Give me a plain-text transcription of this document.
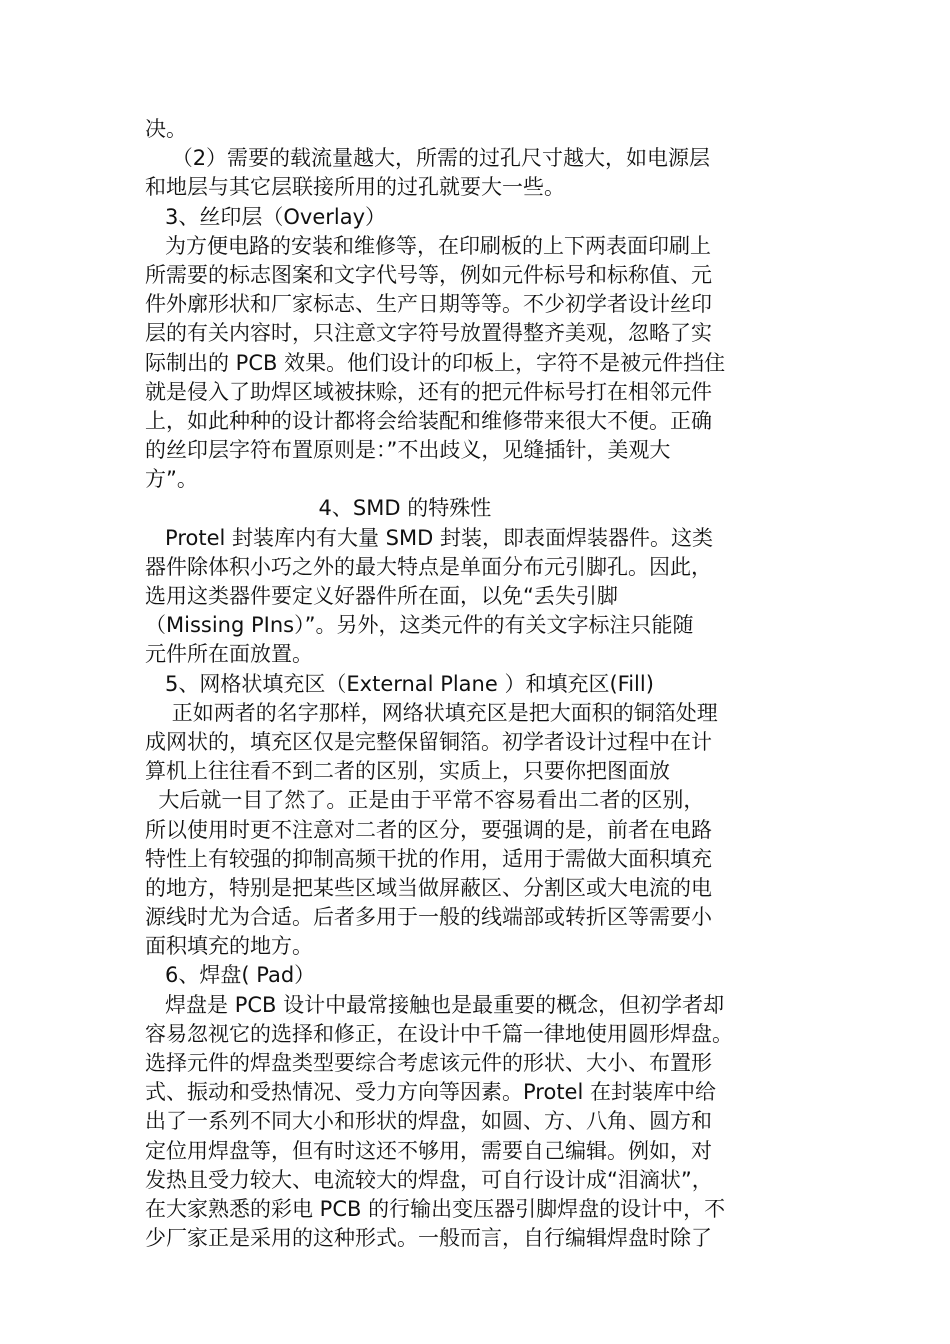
决。
（2）需要的载流量越大，所需的过孔尺寸越大，如电源层
和地层与其它层联接所用的过孔就要大一些。
3、丝印层（Overlay）
为方便电路的安装和维修等，在印刷板的上下两表面印刷上
所需要的标志图案和文字代号等，例如元件标号和标称值、元
件外廓形状和厂家标志、生产日期等等。不少初学者设计丝印
层的有关内容时，只注意文字符号放置得整齐美观，忽略了实
际制出的 PCB 效果。他们设计的印板上，字符不是被元件挡住
就是侵入了助焊区域被抹赊，还有的把元件标号打在相邻元件
上，如此种种的设计都将会给装配和维修带来很大不便。正确
的丝印层字符布置原则是：”不出歧义，见缝插针，美观大
方”。
4、SMD 的特殊性
Protel 封装库内有大量 SMD 封装，即表面焊装器件。这类
器件除体积小巧之外的最大特点是单面分布元引脚孔。因此，
选用这类器件要定义好器件所在面，以免“丢失引脚
（Missing PIns）”。另外，这类元件的有关文字标注只能随
元件所在面放置。
5、网格状填充区（External Plane ）和填充区(Fill)
正如两者的名字那样，网络状填充区是把大面积的铜箔处理
成网状的，填充区仅是完整保留铜箔。初学者设计过程中在计
算机上往往看不到二者的区别，实质上，只要你把图面放
大后就一目了然了。正是由于平常不容易看出二者的区别，
所以使用时更不注意对二者的区分，要强调的是，前者在电路
特性上有较强的抑制高频干扰的作用，适用于需做大面积填充
的地方，特别是把某些区域当做屏蔽区、分割区或大电流的电
源线时尤为合适。后者多用于一般的线端部或转折区等需要小
面积填充的地方。
6、焊盘( Pad）
焊盘是 PCB 设计中最常接触也是最重要的概念，但初学者却
容易忽视它的选择和修正，在设计中千篇一律地使用圆形焊盘。
选择元件的焊盘类型要综合考虑该元件的形状、大小、布置形
式、振动和受热情况、受力方向等因素。Protel 在封装库中给
出了一系列不同大小和形状的焊盘，如圆、方、八角、圆方和
定位用焊盘等，但有时这还不够用，需要自己编辑。例如，对
发热且受力较大、电流较大的焊盘，可自行设计成“泪滴状”，
在大家熟悉的彩电 PCB 的行输出变压器引脚焊盘的设计中，不
少厂家正是采用的这种形式。一般而言，自行编辑焊盘时除了
